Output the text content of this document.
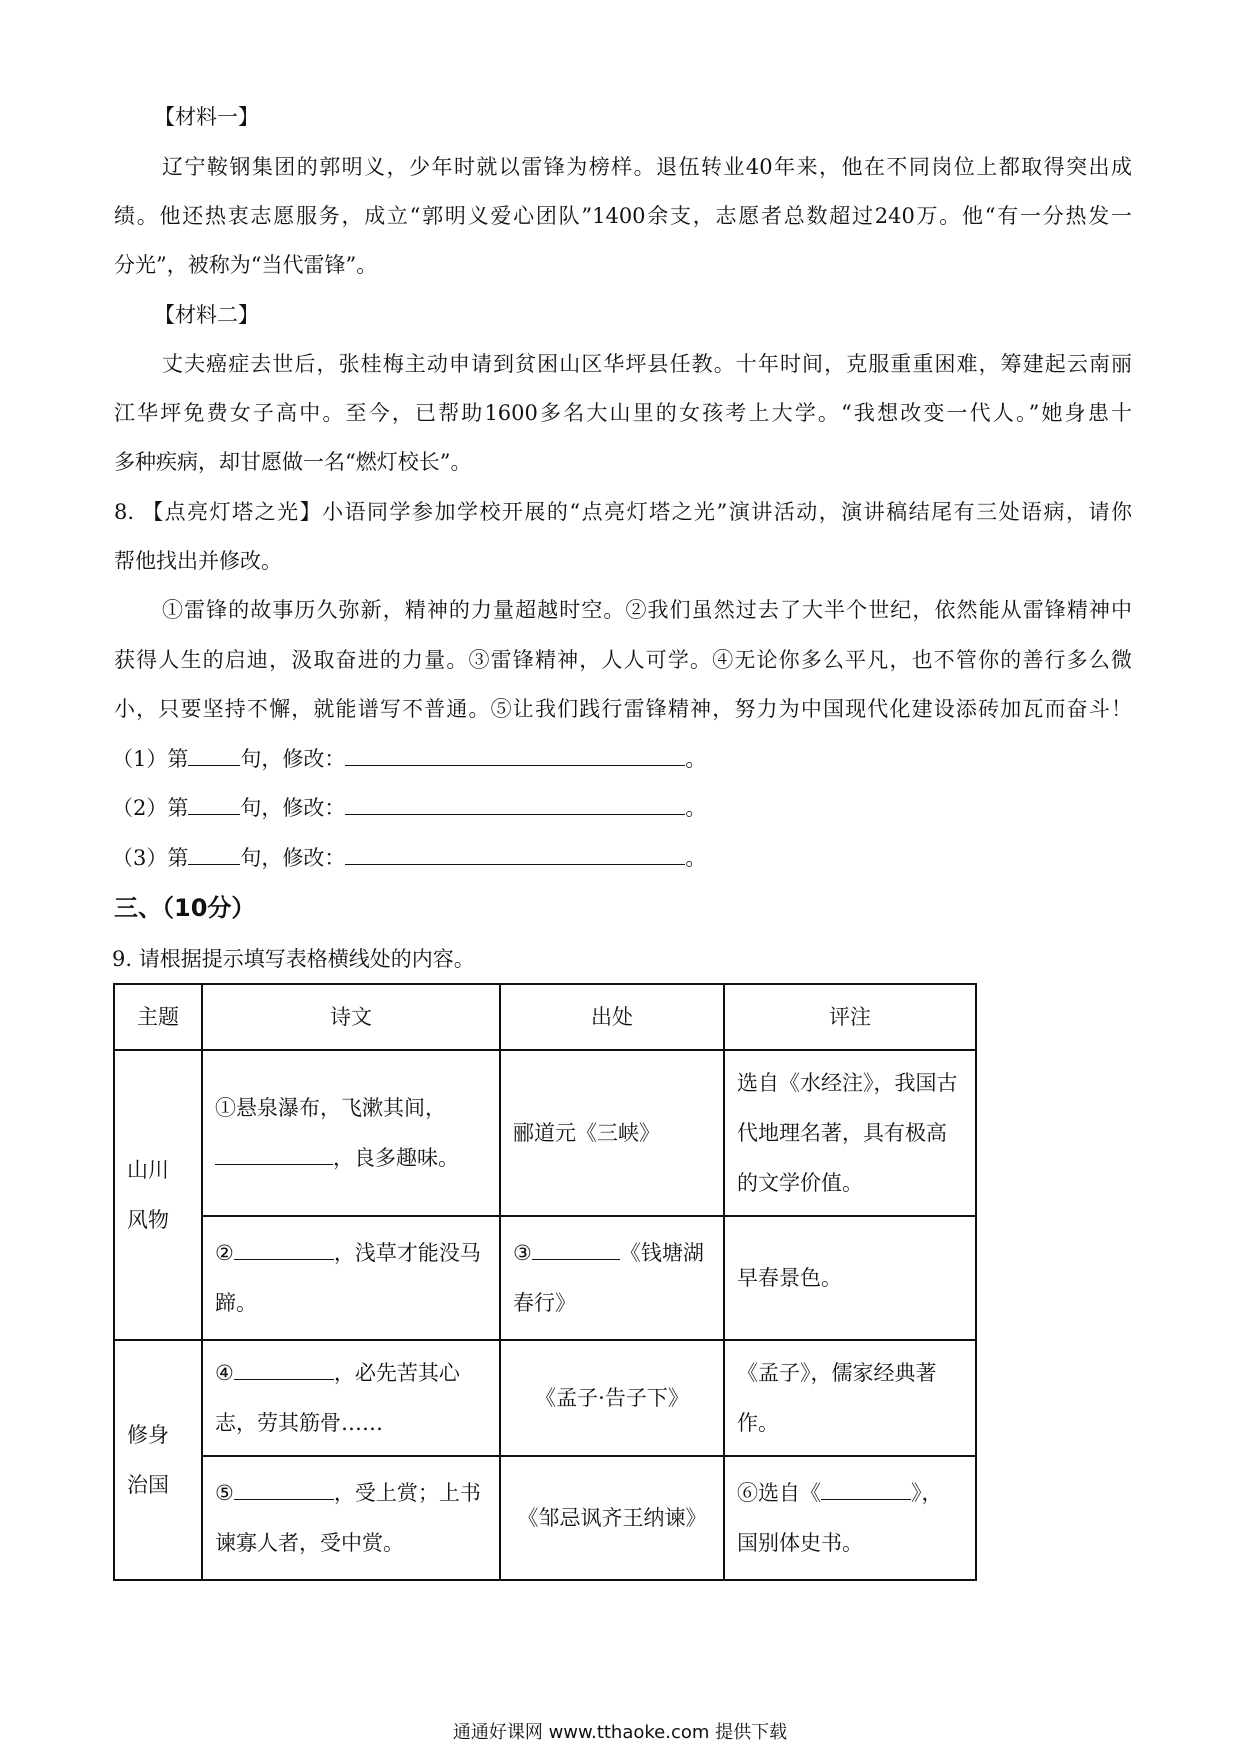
【材料一】
辽宁鞍钢集团的郭明义，少年时就以雷锋为榜样。退伍转业40年来，他在不同岗位上都取得突出成
绩。他还热衷志愿服务，成立“郭明义爱心团队”1400余支，志愿者总数超过240万。他“有一分热发一
分光”，被称为“当代雷锋”。
【材料二】
丈夫癌症去世后，张桂梅主动申请到贫困山区华坪县任教。十年时间，克服重重困难，筹建起云南丽
江华坪免费女子高中。至今，已帮助1600多名大山里的女孩考上大学。“我想改变一代人。”她身患十
多种疾病，却甘愿做一名“燃灯校长”。
8. 【点亮灯塔之光】小语同学参加学校开展的“点亮灯塔之光”演讲活动，演讲稿结尾有三处语病，请你
帮他找出并修改。
①雷锋的故事历久弥新，精神的力量超越时空。②我们虽然过去了大半个世纪，依然能从雷锋精神中
获得人生的启迪，汲取奋进的力量。③雷锋精神，人人可学。④无论你多么平凡，也不管你的善行多么微
小，只要坚持不懈，就能谱写不普通。⑤让我们践行雷锋精神，努力为中国现代化建设添砖加瓦而奋斗！
（1）第 句，修改：	。
（2）第 句，修改：	。
（3）第 句，修改：	。
三、（10分）
9. 请根据提示填写表格横线处的内容。
主题	诗文	出处	评注
山川风物	①悬泉瀑布，飞漱其间，
，良多趣味。	郦道元《三峡》	选自《水经注》，我国古代地理名著，具有极高的文学价值。
	② ，浅草才能没马蹄。	③ 《钱塘湖春行》	早春景色。
修身治国	④ ，必先苦其心志，劳其筋骨……	《孟子·告子下》	《孟子》，儒家经典著作。
	⑤ ，受上赏；上书谏寡人者，受中赏。	《邹忌讽齐王纳谏》	⑥选自《 》，国别体史书。
通通好课网 www.tthaoke.com 提供下载
